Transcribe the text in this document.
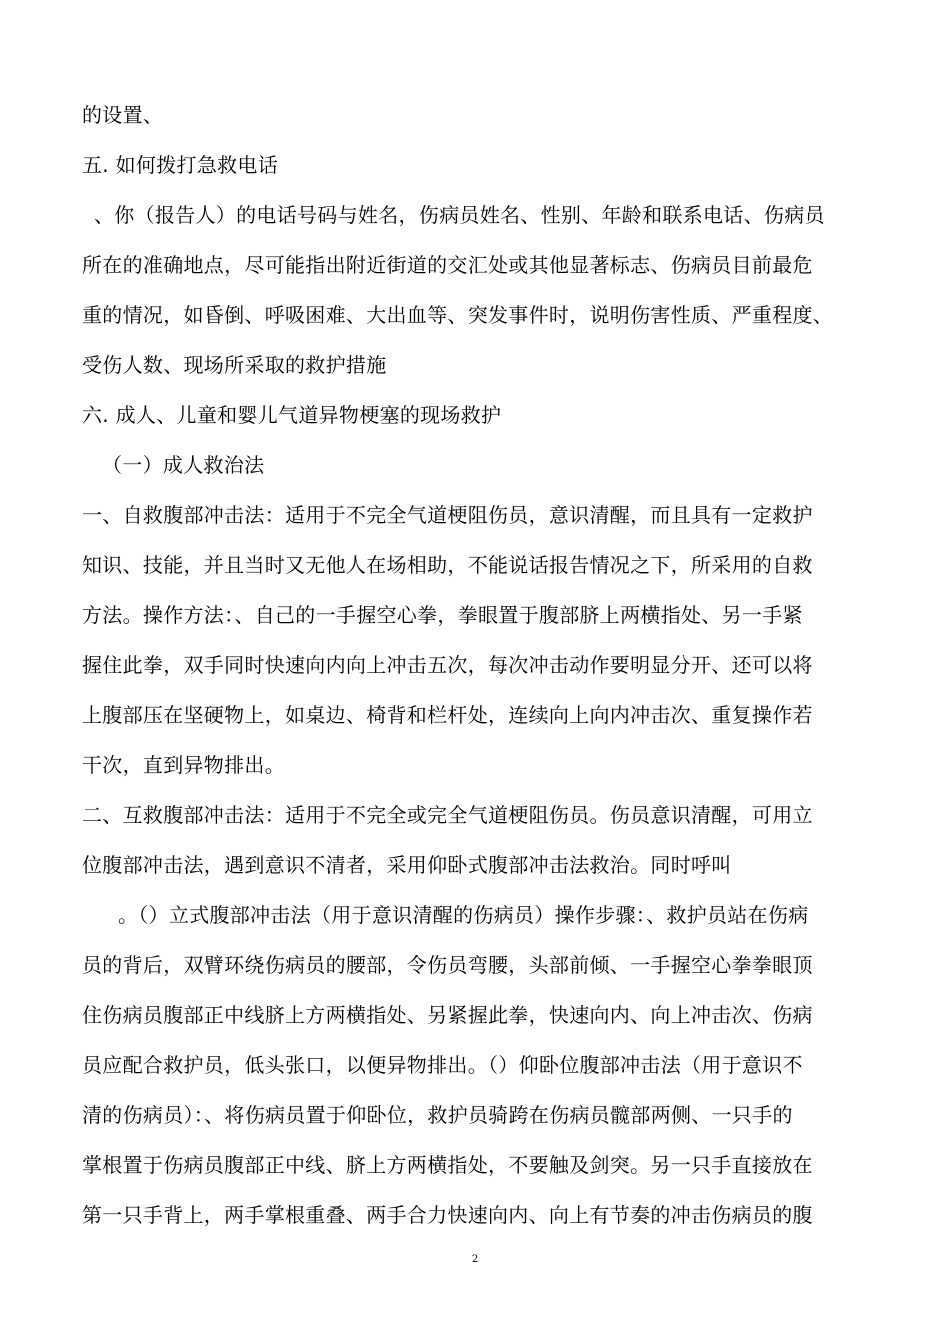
的设置、
五. 如何拨打急救电话
、你（报告人）的电话号码与姓名，伤病员姓名、性别、年龄和联系电话、伤病员
所在的准确地点，尽可能指出附近街道的交汇处或其他显著标志、伤病员目前最危
重的情况，如昏倒、呼吸困难、大出血等、突发事件时，说明伤害性质、严重程度、
受伤人数、现场所采取的救护措施
六. 成人、儿童和婴儿气道异物梗塞的现场救护
（一）成人救治法
一、自救腹部冲击法：适用于不完全气道梗阻伤员，意识清醒，而且具有一定救护
知识、技能，并且当时又无他人在场相助，不能说话报告情况之下，所采用的自救
方法。操作方法：、自己的一手握空心拳，拳眼置于腹部脐上两横指处、另一手紧
握住此拳，双手同时快速向内向上冲击五次，每次冲击动作要明显分开、还可以将
上腹部压在坚硬物上，如桌边、椅背和栏杆处，连续向上向内冲击次、重复操作若
干次，直到异物排出。
二、互救腹部冲击法：适用于不完全或完全气道梗阻伤员。伤员意识清醒，可用立
位腹部冲击法，遇到意识不清者，采用仰卧式腹部冲击法救治。同时呼叫
。（）立式腹部冲击法（用于意识清醒的伤病员）操作步骤：、救护员站在伤病
员的背后，双臂环绕伤病员的腰部，令伤员弯腰，头部前倾、一手握空心拳拳眼顶
住伤病员腹部正中线脐上方两横指处、另紧握此拳，快速向内、向上冲击次、伤病
员应配合救护员，低头张口，以便异物排出。（）仰卧位腹部冲击法（用于意识不
清的伤病员）：、将伤病员置于仰卧位，救护员骑跨在伤病员髋部两侧、一只手的
掌根置于伤病员腹部正中线、脐上方两横指处，不要触及剑突。另一只手直接放在
第一只手背上，两手掌根重叠、两手合力快速向内、向上有节奏的冲击伤病员的腹
2
